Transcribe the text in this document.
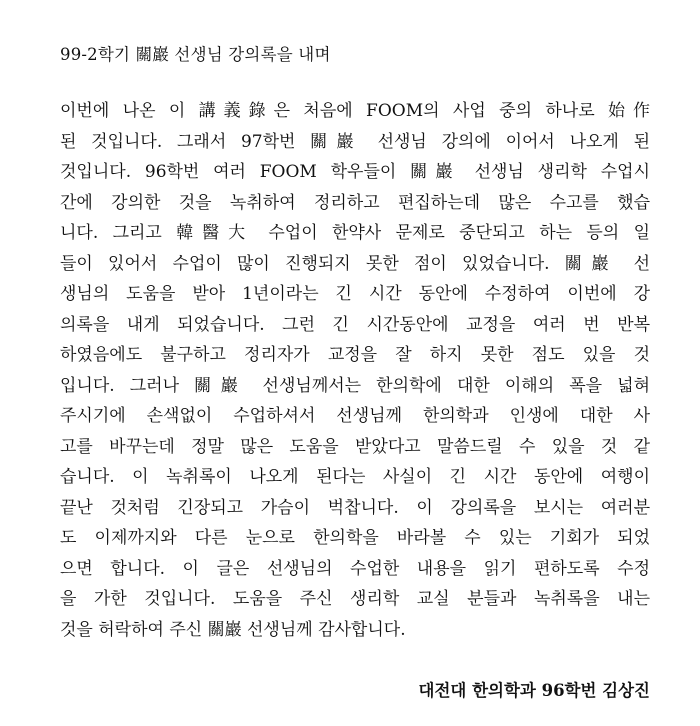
99-2학기 關巖 선생님 강의록을 내며
이번에 나온 이 講義錄은 처음에 FOOM의 사업 중의 하나로 始作
된 것입니다. 그래서 97학번 關巖 선생님 강의에 이어서 나오게 된
것입니다. 96학번 여러 FOOM 학우들이 關巖 선생님 생리학 수업시
간에 강의한 것을 녹취하여 정리하고 편집하는데 많은 수고를 했습
니다. 그리고 韓醫大 수업이 한약사 문제로 중단되고 하는 등의 일
들이 있어서 수업이 많이 진행되지 못한 점이 있었습니다. 關巖 선
생님의 도움을 받아 1년이라는 긴 시간 동안에 수정하여 이번에 강
의록을 내게 되었습니다. 그런 긴 시간동안에 교정을 여러 번 반복
하였음에도 불구하고 정리자가 교정을 잘 하지 못한 점도 있을 것
입니다. 그러나 關巖 선생님께서는 한의학에 대한 이해의 폭을 넓혀
주시기에 손색없이 수업하셔서 선생님께 한의학과 인생에 대한 사
고를 바꾸는데 정말 많은 도움을 받았다고 말씀드릴 수 있을 것 같
습니다. 이 녹취록이 나오게 된다는 사실이 긴 시간 동안에 여행이
끝난 것처럼 긴장되고 가슴이 벅찹니다. 이 강의록을 보시는 여러분
도 이제까지와 다른 눈으로 한의학을 바라볼 수 있는 기회가 되었
으면 합니다. 이 글은 선생님의 수업한 내용을 읽기 편하도록 수정
을 가한 것입니다. 도움을 주신 생리학 교실 분들과 녹취록을 내는
것을 허락하여 주신 關巖 선생님께 감사합니다.
대전대 한의학과 96학번 김상진
